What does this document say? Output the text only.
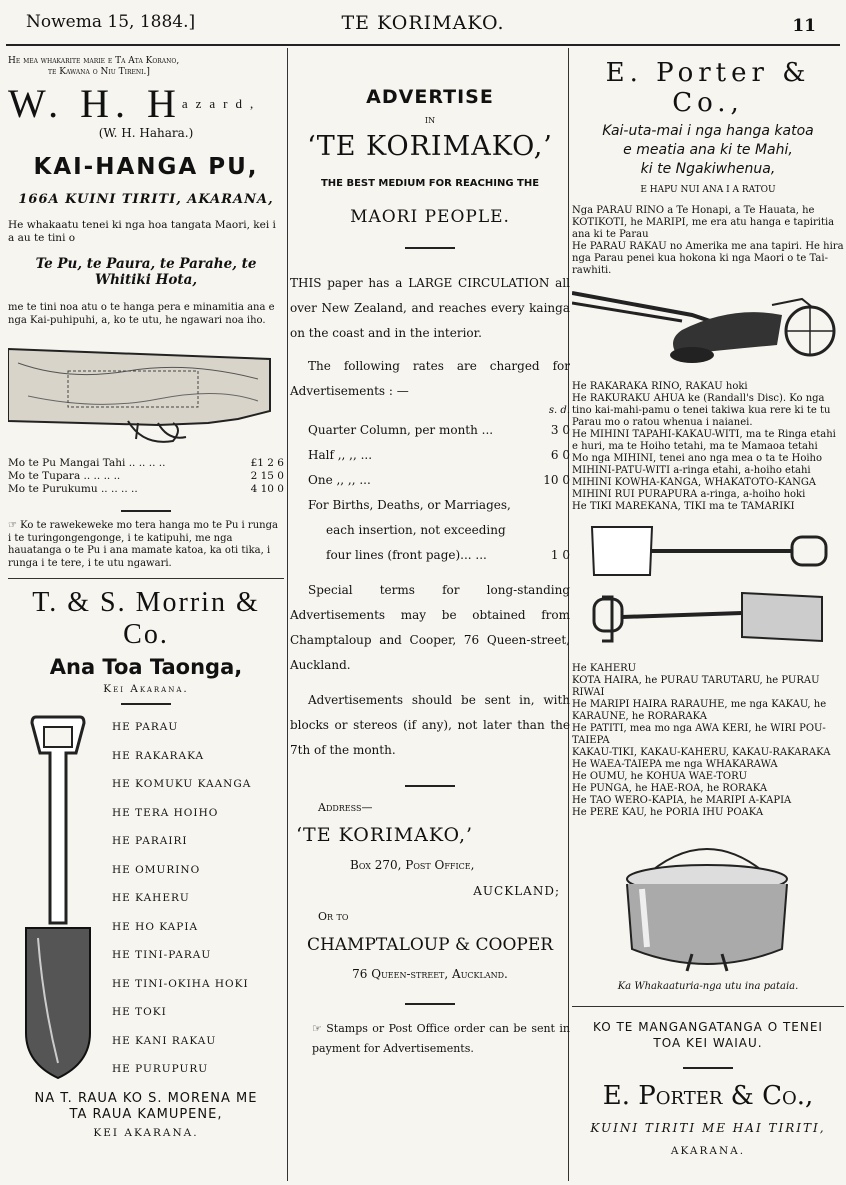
Nowema 15, 1884.]	TE KORIMAKO.	11
He mea whakarite marie e Ta Ata Korano,
te Kawana o Niu Tireni.]
W. H. $H^{azard,}$
(W. H. Hahara.)
KAI-HANGA PU,
166A KUINI TIRITI, AKARANA,
He whakaatu tenei ki nga hoa tangata Maori, kei i a au te tini o
Te Pu, te Paura, te Parahe, te Whitiki Hota,
me te tini noa atu o te hanga pera e minamitia ana e nga Kai-puhipuhi, a, ko te utu, he ngawari noa iho.
Mo te Pu Mangai Tahi .. .. .. ..	£1 2 6
Mo te Tupara .. .. .. ..	2 15 0
Mo te Purukumu .. .. .. ..	4 10 0
☞ Ko te rawekeweke mo tera hanga mo te Pu i runga i te turingongengonge, i te katipuhi, me nga hauatanga o te Pu i ana mamate katoa, ka oti tika, i runga i te tere, i te utu ngawari.
T. & S. Morrin & Co.
Ana Toa Taonga,
Kei Akarana.
HE PARAU
HE RAKARAKA
HE KOMUKU KAANGA
HE TERA HOIHO
HE PARAIRI
HE OMURINO
HE KAHERU
HE HO KAPIA
HE TINI-PARAU
HE TINI-OKIHA HOKI
HE TOKI
HE KANI RAKAU
HE PURUPURU
NA T. RAUA KO S. MORENA ME
TA RAUA KAMUPENE,
KEI AKARANA.
ADVERTISE
IN
‘TE KORIMAKO,’
THE BEST MEDIUM FOR REACHING THE
MAORI PEOPLE.
THIS paper has a LARGE CIRCULATION all over New Zealand, and reaches every kainga on the coast and in the interior.
The following rates are charged for Advertisements : —
s. d.
Quarter Column, per month ...	3 0
Half ,, ,, ...	6 0
One ,, ,, ...	10 0
For Births, Deaths, or Marriages,
each insertion, not exceeding
four lines (front page)... ...	1 0
Special terms for long-standing Advertisements may be obtained from Champtaloup and Cooper, 76 Queen-street, Auckland.
Advertisements should be sent in, with blocks or stereos (if any), not later than the 7th of the month.
Address—
‘TE KORIMAKO,’
Box 270, Post Office,
AUCKLAND;
Or to
CHAMPTALOUP & COOPER
76 Queen-street, Auckland.
☞ Stamps or Post Office order can be sent in payment for Advertisements.
E. Porter & Co.,
Kai-uta-mai i nga hanga katoa
e meatia ana ki te Mahi,
ki te Ngakiwhenua,
E HAPU NUI ANA I A RATOU
Nga PARAU RINO a Te Honapi, a Te Hauata, he KOTIKOTI, he MARIPI, me era atu hanga e tapiritia ana ki te Parau
He PARAU RAKAU no Amerika me ana tapiri. He hira nga Parau penei kua hokona ki nga Maori o te Tai-rawhiti.
He RAKARAKA RINO, RAKAU hoki
He RAKURAKU AHUA ke (Randall's Disc). Ko nga tino kai-mahi-pamu o tenei takiwa kua rere ki te tu Parau mo o ratou whenua i naianei.
He MIHINI TAPAHI-KAKAU-WITI, ma te Ringa etahi e huri, ma te Hoiho tetahi, ma te Mamaoa tetahi
Mo nga MIHINI, tenei ano nga mea o ta te Hoiho
MIHINI-PATU-WITI a-ringa etahi, a-hoiho etahi
MIHINI KOWHA-KANGA, WHAKATOTO-KANGA
MIHINI RUI PURAPURA a-ringa, a-hoiho hoki
He TIKI MAREKANA, TIKI ma te TAMARIKI
He KAHERU
KOTA HAIRA, he PURAU TARUTARU, he PURAU RIWAI
He MARIPI HAIRA RARAUHE, me nga KAKAU, he KARAUNE, he RORARAKA
He PATITI, mea mo nga AWA KERI, he WIRI POU-TAIEPA
KAKAU-TIKI, KAKAU-KAHERU, KAKAU-RAKARAKA
He WAEA-TAIEPA me nga WHAKARAWA
He OUMU, he KOHUA WAE-TORU
He PUNGA, he HAE-ROA, he RORAKA
He TAO WERO-KAPIA, he MARIPI A-KAPIA
He PERE KAU, he PORIA IHU POAKA
Ka Whakaaturia-nga utu ina pataia.
KO TE MANGANGATANGA O TENEI
TOA KEI WAIAU.
E. Porter & Co.,
KUINI TIRITI ME HAI TIRITI,
AKARANA.
